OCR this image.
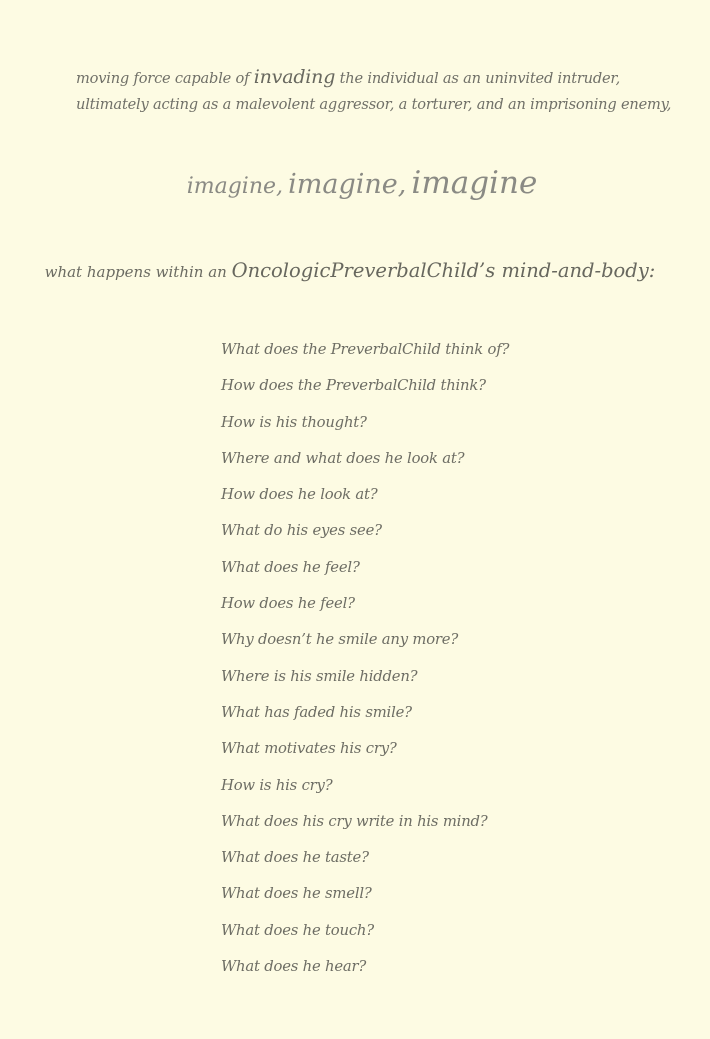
moving force capable of invading the individual as an uninvited intruder, ultimately acting as a malevolent aggressor, a torturer, and an imprisoning enemy,

imagine, imagine, imagine
what happens within an OncologicPreverbalChild’s mind-and-body:
What does the PreverbalChild think of?
How does the PreverbalChild think?
How is his thought?
Where and what does he look at?
How does he look at?
What do his eyes see?
What does he feel?
How does he feel?
Why doesn’t he smile any more?
Where is his smile hidden?
What has faded his smile?
What motivates his cry?
How is his cry?
What does his cry write in his mind?
What does he taste?
What does he smell?
What does he touch?
What does he hear?
